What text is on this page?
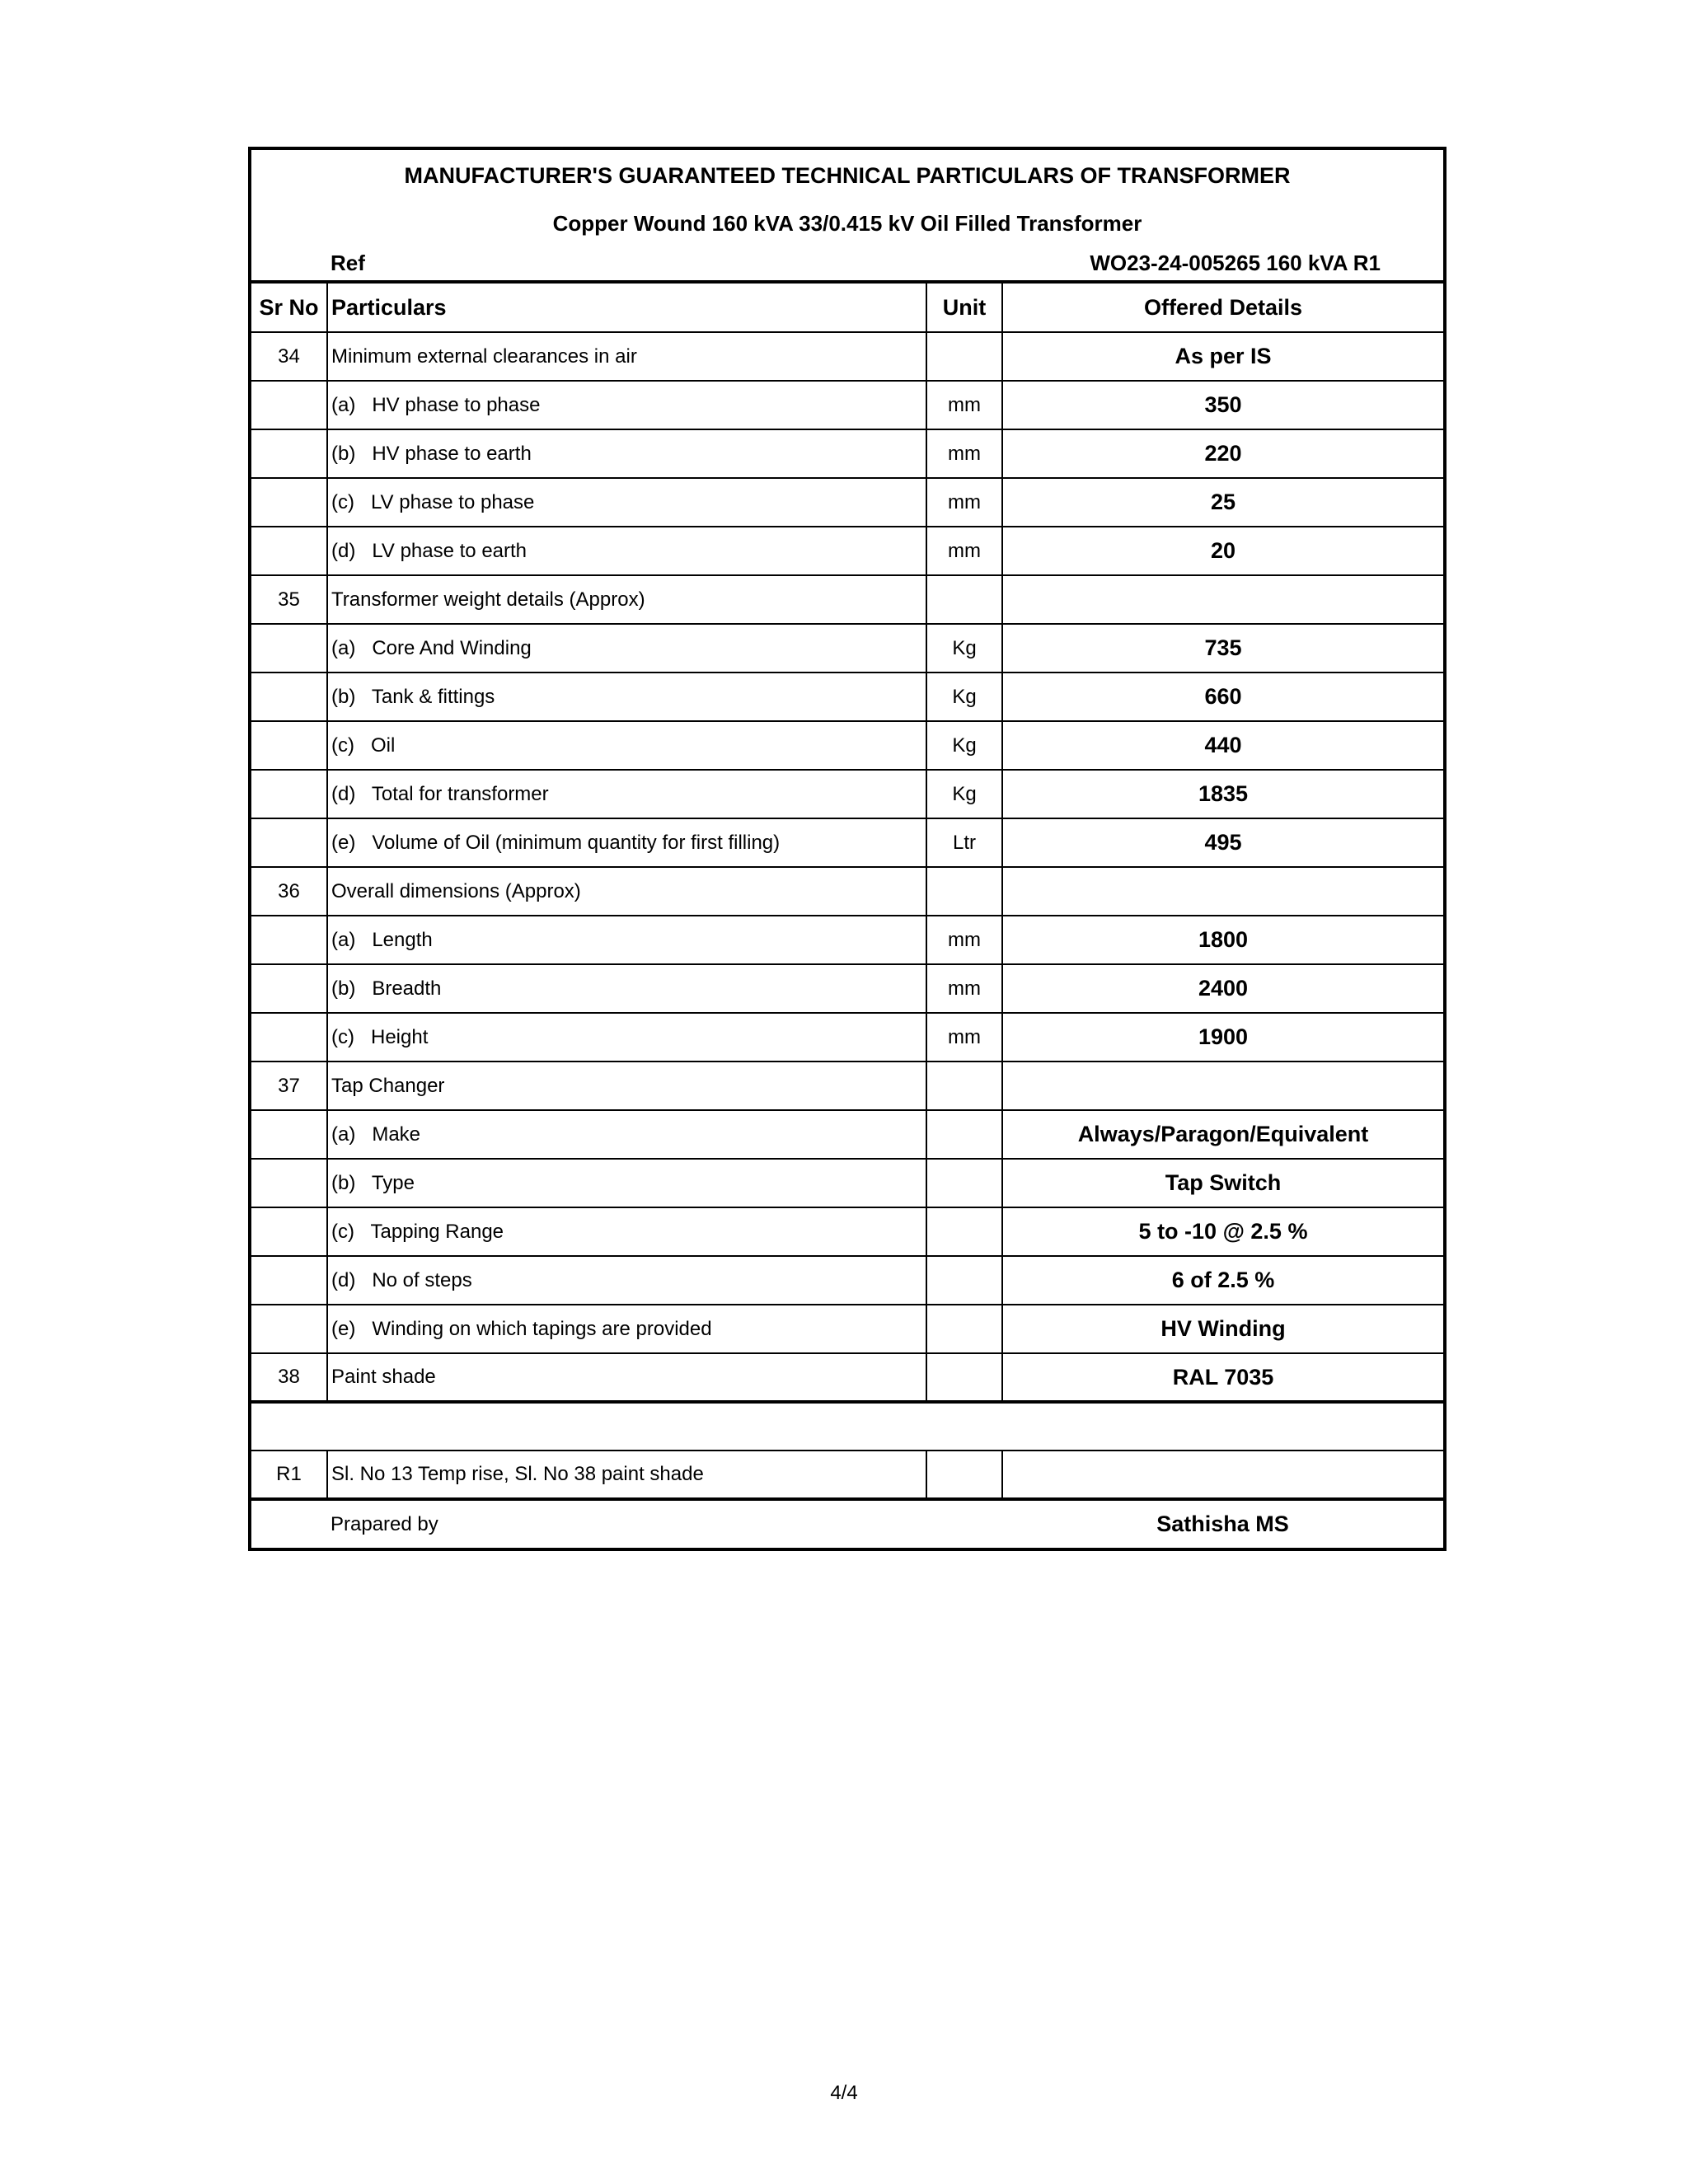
MANUFACTURER'S GUARANTEED TECHNICAL PARTICULARS OF TRANSFORMER
Copper Wound 160 kVA 33/0.415 kV Oil Filled Transformer
Ref	WO23-24-005265 160 kVA R1
Sr No	Particulars	Unit	Offered Details
34	Minimum external clearances in air		As per IS
	(a)   HV phase to phase	mm	350
	(b)   HV phase to earth	mm	220
	(c)   LV phase to phase	mm	25
	(d)   LV phase to earth	mm	20
35	Transformer weight details (Approx)		
	(a)   Core And Winding	Kg	735
	(b)   Tank & fittings	Kg	660
	(c)   Oil	Kg	440
	(d)   Total for transformer	Kg	1835
	(e)   Volume of Oil (minimum quantity for first filling)	Ltr	495
36	Overall dimensions (Approx)		
	(a)   Length	mm	1800
	(b)   Breadth	mm	2400
	(c)   Height	mm	1900
37	Tap Changer		
	(a)   Make		Always/Paragon/Equivalent
	(b)   Type		Tap Switch
	(c)   Tapping Range		5 to -10 @ 2.5 %
	(d)   No of steps		6 of 2.5 %
	(e)   Winding on which tapings are provided		HV Winding
38	Paint shade		RAL 7035

R1	Sl. No 13 Temp rise, Sl. No 38 paint shade		
	Prapared by		Sathisha MS
4/4
